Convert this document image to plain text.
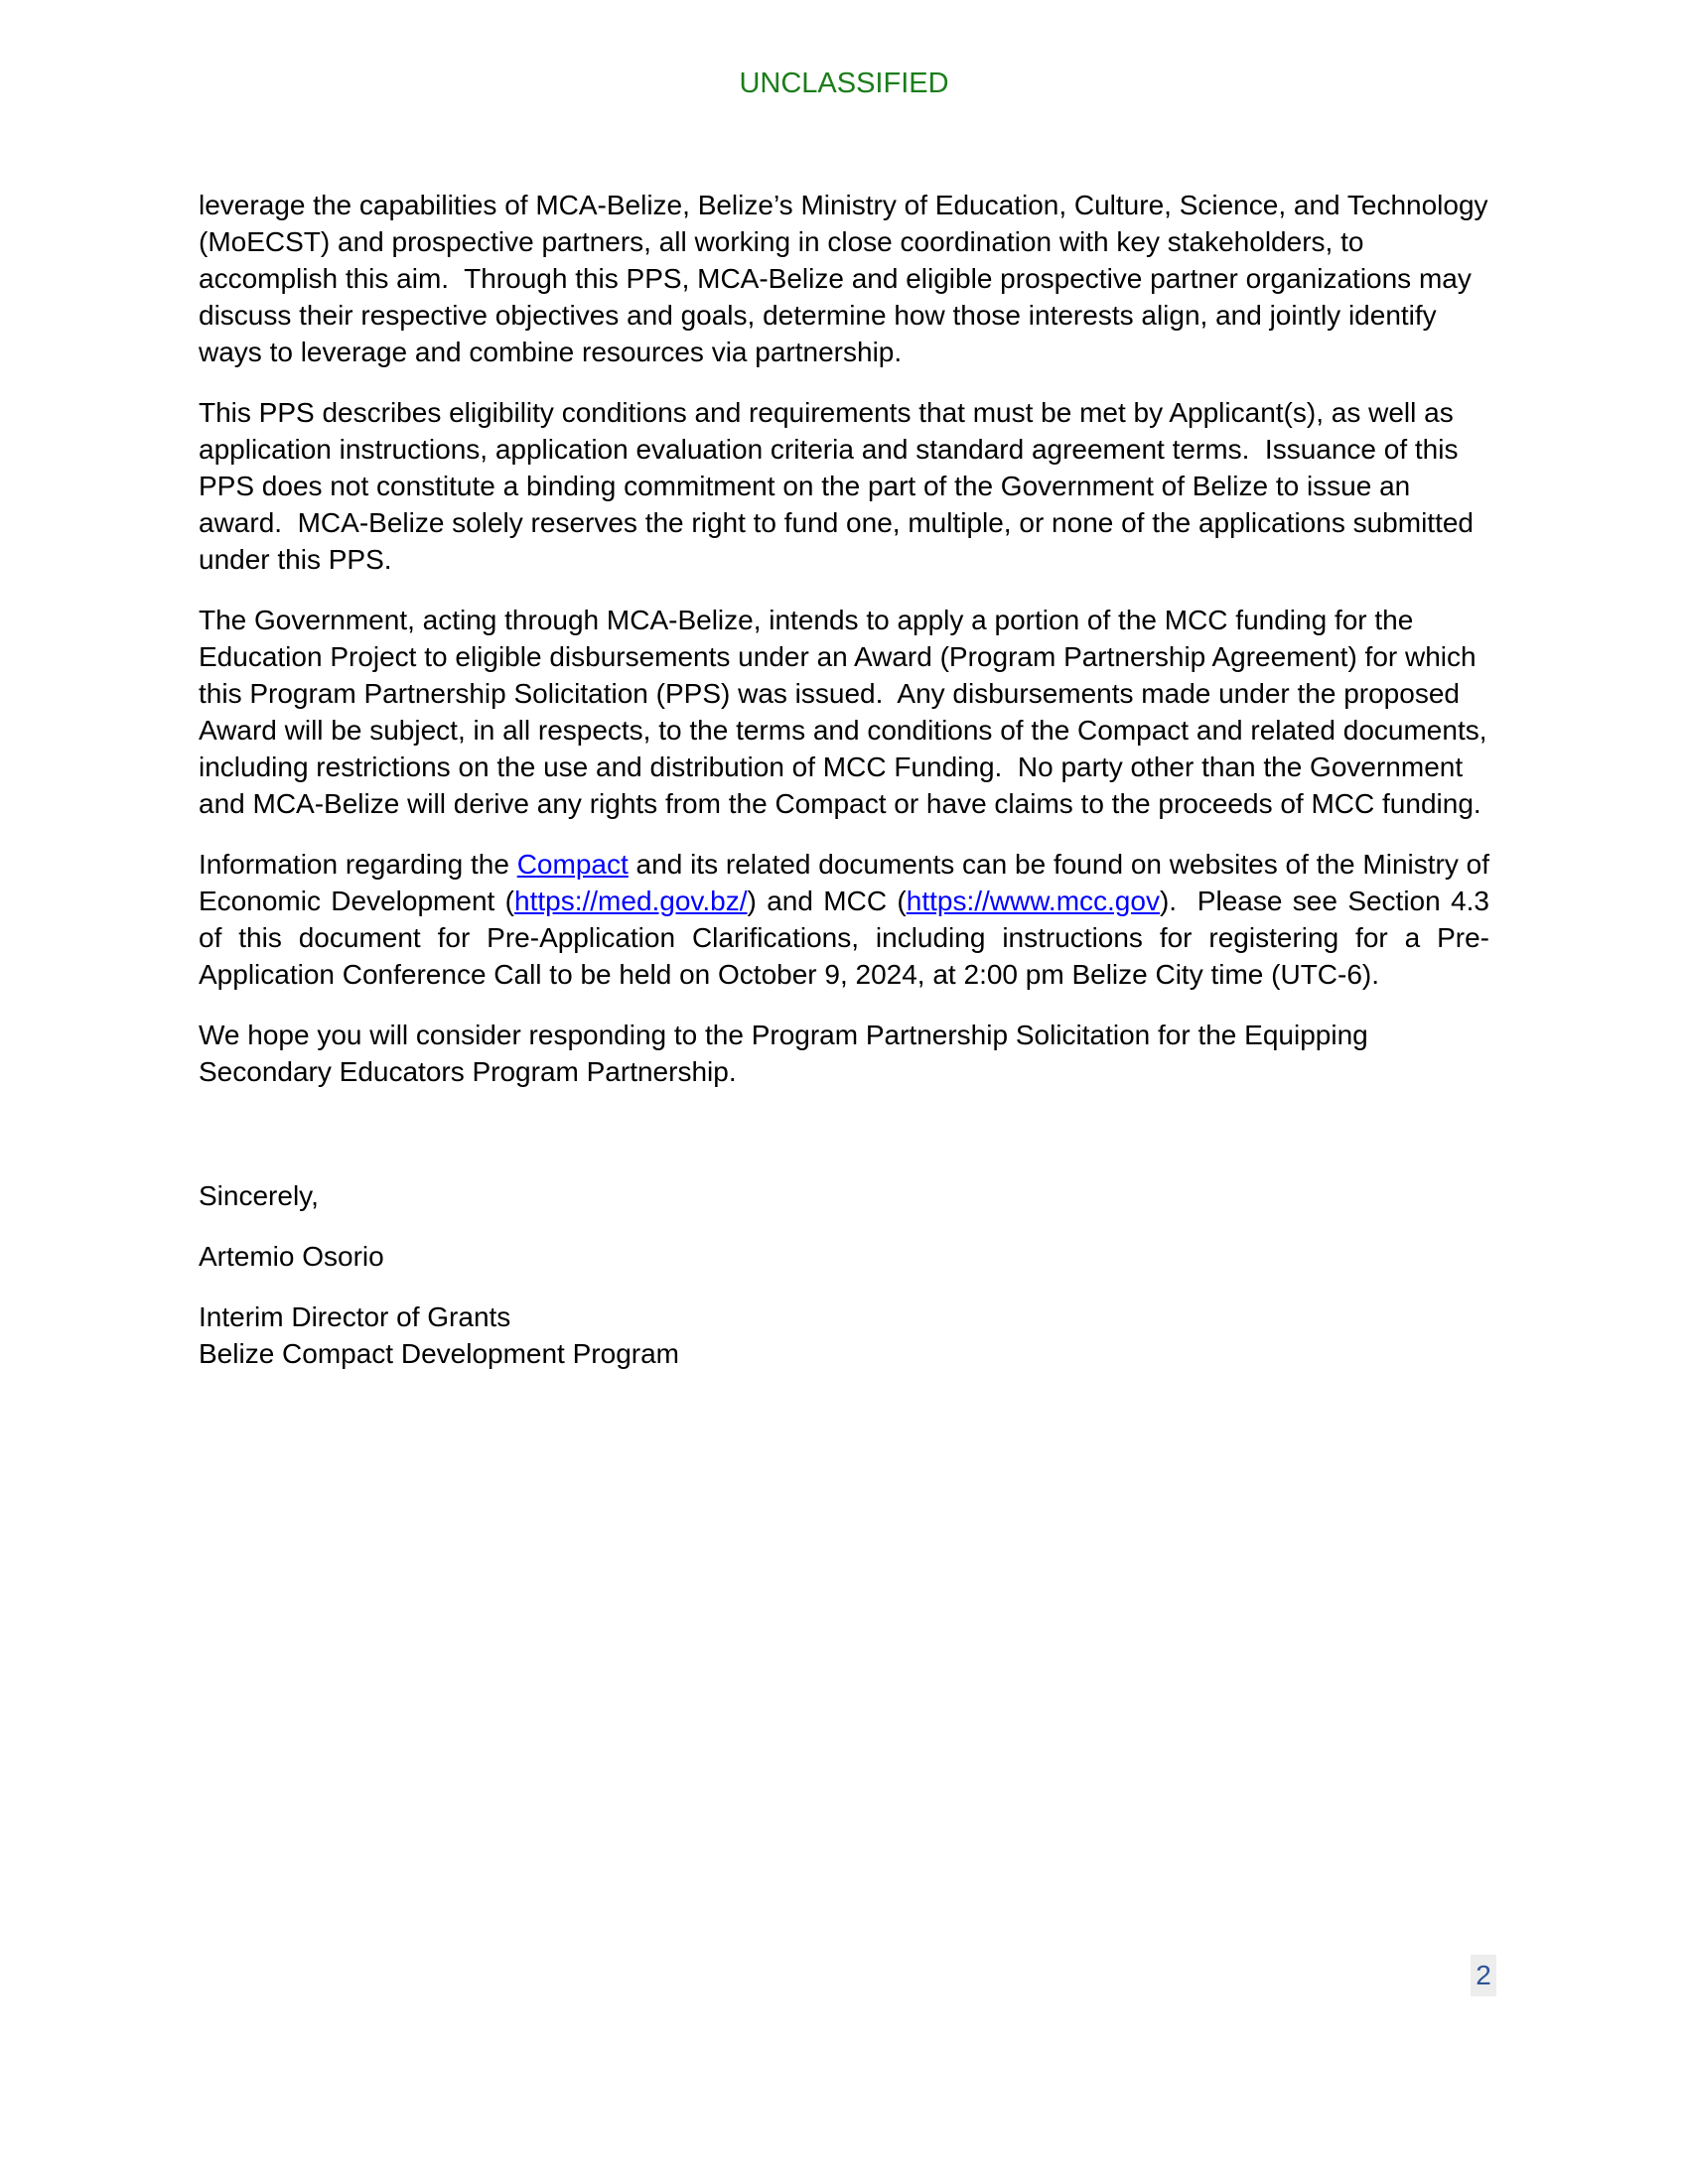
UNCLASSIFIED

leverage the capabilities of MCA-Belize, Belize’s Ministry of Education, Culture, Science, and Technology (MoECST) and prospective partners, all working in close coordination with key stakeholders, to accomplish this aim.  Through this PPS, MCA-Belize and eligible prospective partner organizations may discuss their respective objectives and goals, determine how those interests align, and jointly identify ways to leverage and combine resources via partnership.

This PPS describes eligibility conditions and requirements that must be met by Applicant(s), as well as application instructions, application evaluation criteria and standard agreement terms.  Issuance of this PPS does not constitute a binding commitment on the part of the Government of Belize to issue an award.  MCA-Belize solely reserves the right to fund one, multiple, or none of the applications submitted under this PPS.

The Government, acting through MCA-Belize, intends to apply a portion of the MCC funding for the Education Project to eligible disbursements under an Award (Program Partnership Agreement) for which this Program Partnership Solicitation (PPS) was issued.  Any disbursements made under the proposed Award will be subject, in all respects, to the terms and conditions of the Compact and related documents, including restrictions on the use and distribution of MCC Funding.  No party other than the Government and MCA-Belize will derive any rights from the Compact or have claims to the proceeds of MCC funding.

Information regarding the Compact and its related documents can be found on websites of the Ministry of Economic Development (https://med.gov.bz/) and MCC (https://www.mcc.gov).  Please see Section 4.3 of this document for Pre-Application Clarifications, including instructions for registering for a Pre-Application Conference Call to be held on October 9, 2024, at 2:00 pm Belize City time (UTC-6).

We hope you will consider responding to the Program Partnership Solicitation for the Equipping Secondary Educators Program Partnership.

Sincerely,

Artemio Osorio

Interim Director of Grants
Belize Compact Development Program

2
